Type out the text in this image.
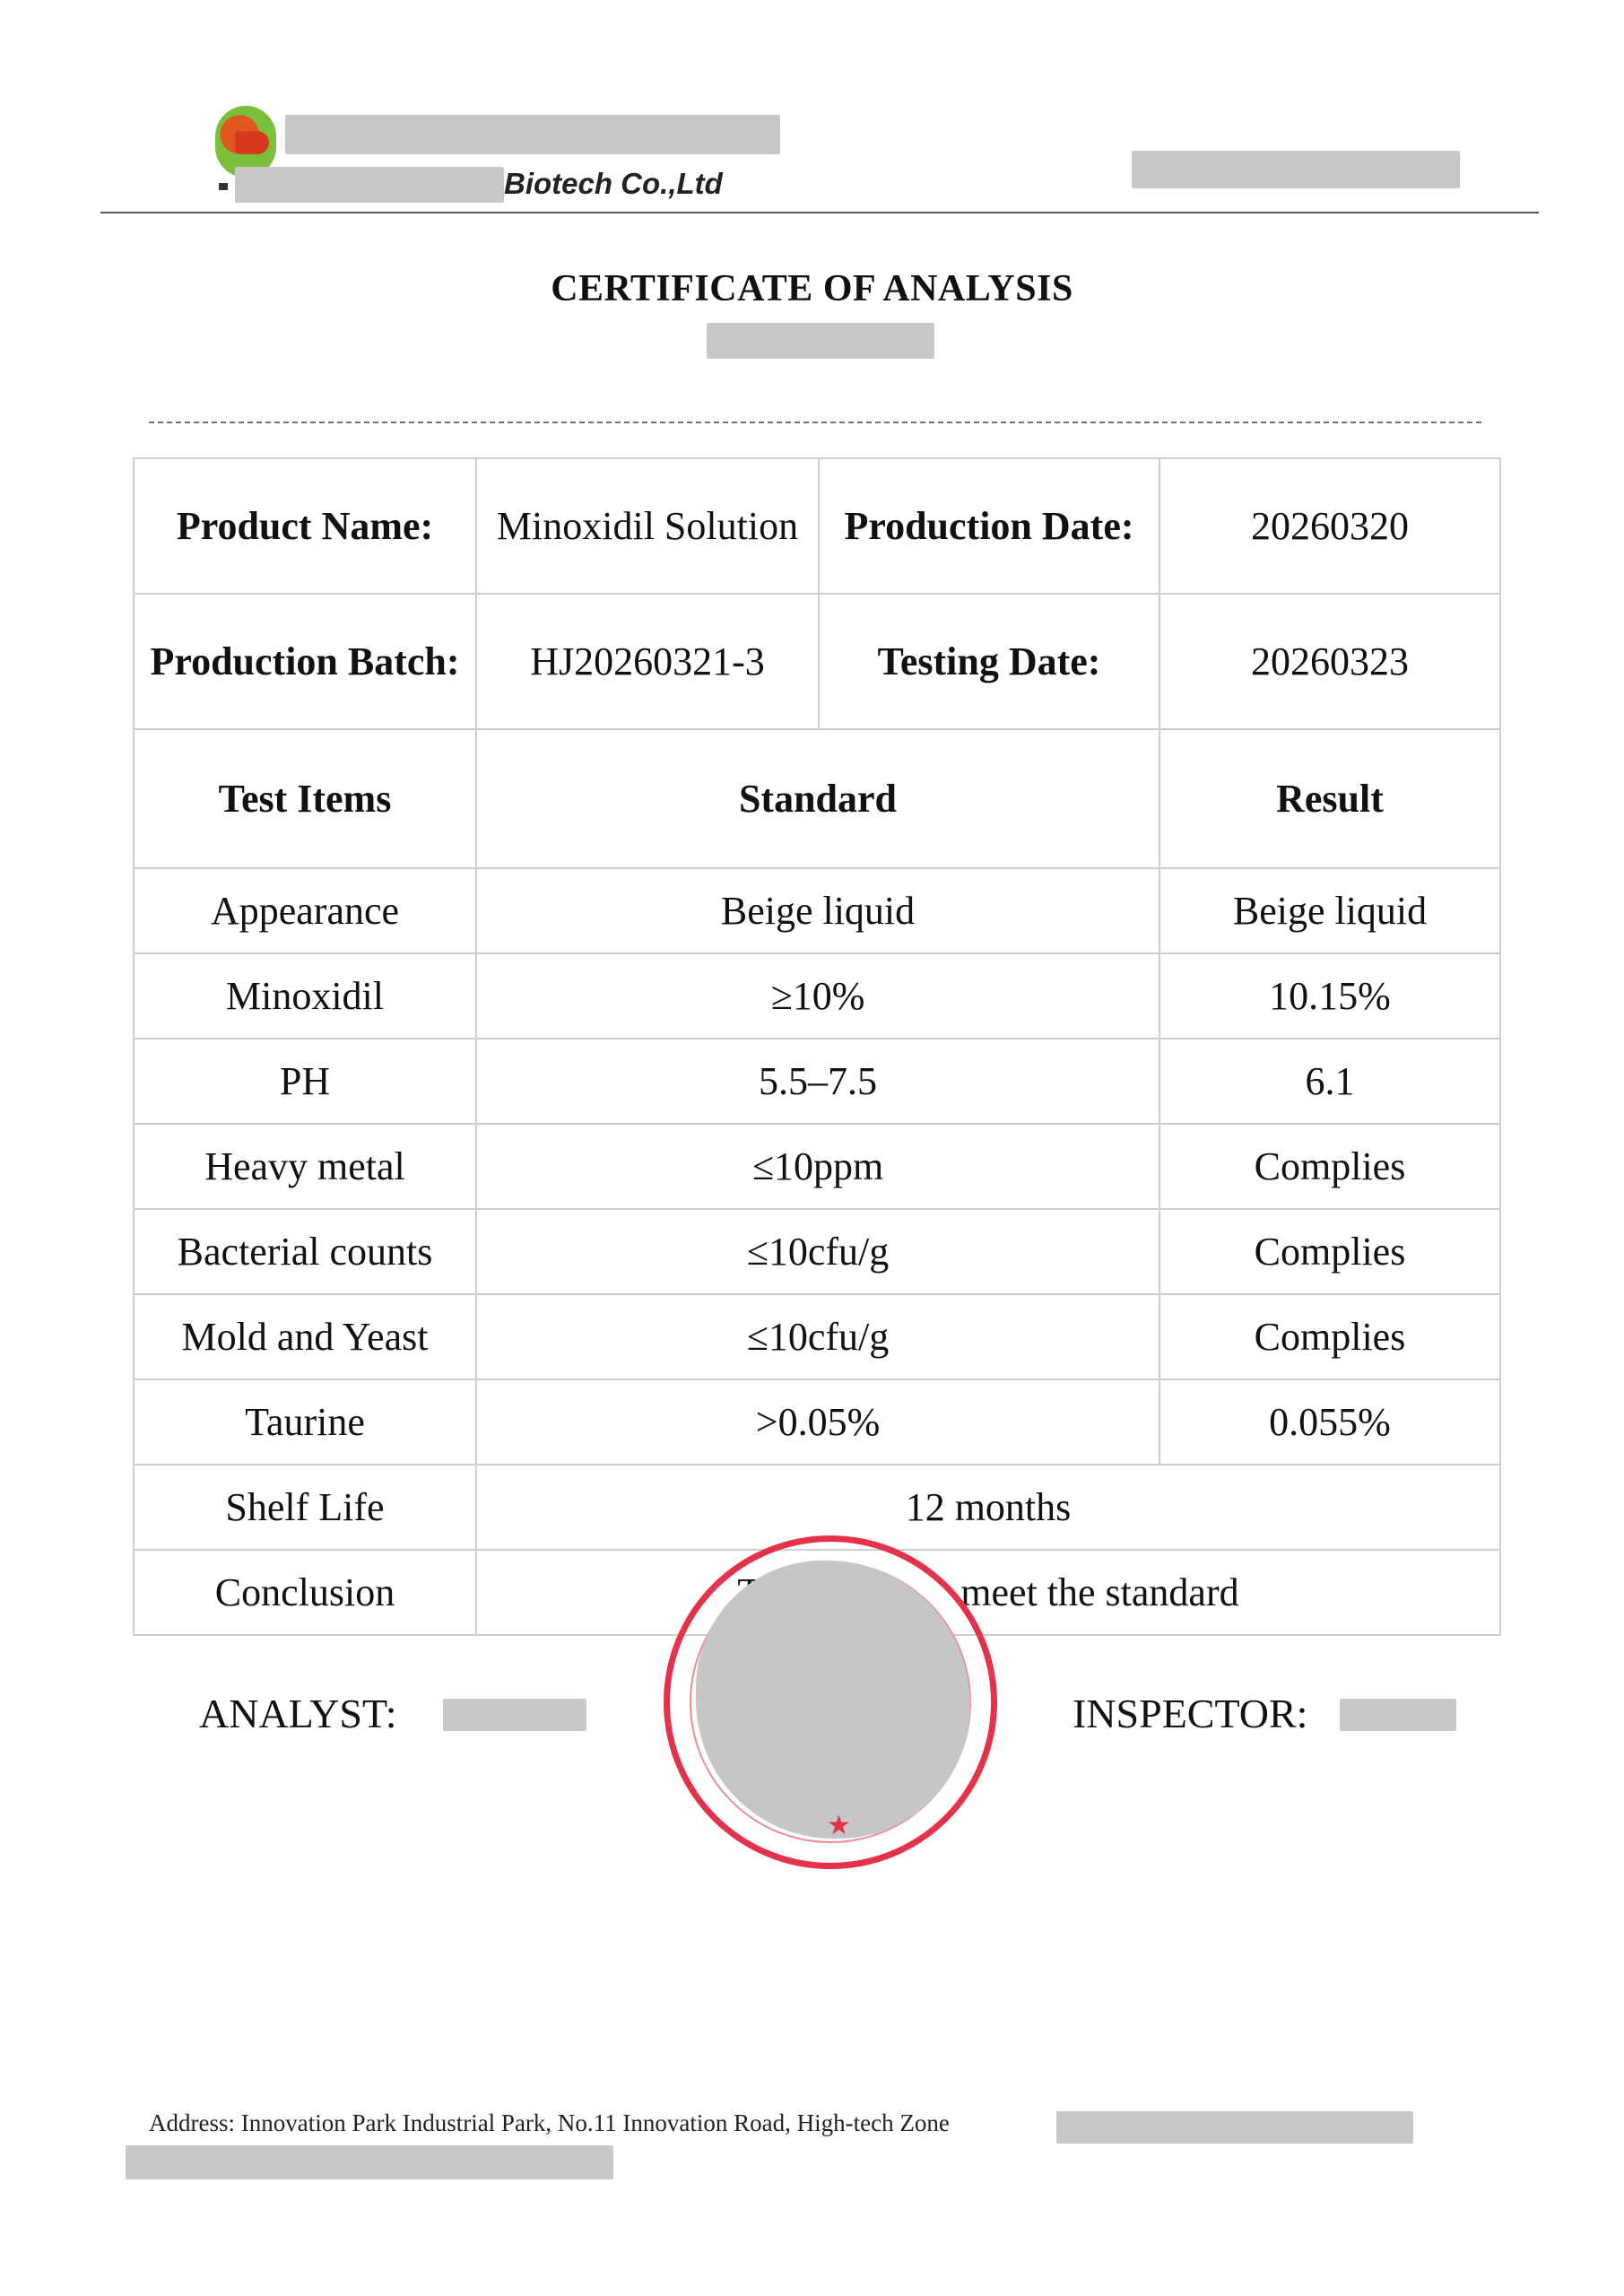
Biotech Co.,Ltd
CERTIFICATE OF ANALYSIS
Product Name:	Minoxidil Solution	Production Date:	20260320
Production Batch:	HJ20260321-3	Testing Date:	20260323
Test Items	Standard		Result
Appearance	Beige liquid		Beige liquid
Minoxidil	≥10%		10.15%
PH	5.5–7.5		6.1
Heavy metal	≤10ppm		Complies
Bacterial counts	≤10cfu/g		Complies
Mold and Yeast	≤10cfu/g		Complies
Taurine	>0.05%		0.055%
Shelf Life	12 months		
Conclusion	meet the standard		
★
ANALYST:	INSPECTOR:
Address: Innovation Park Industrial Park, No.11 Innovation Road, High-tech Zone
